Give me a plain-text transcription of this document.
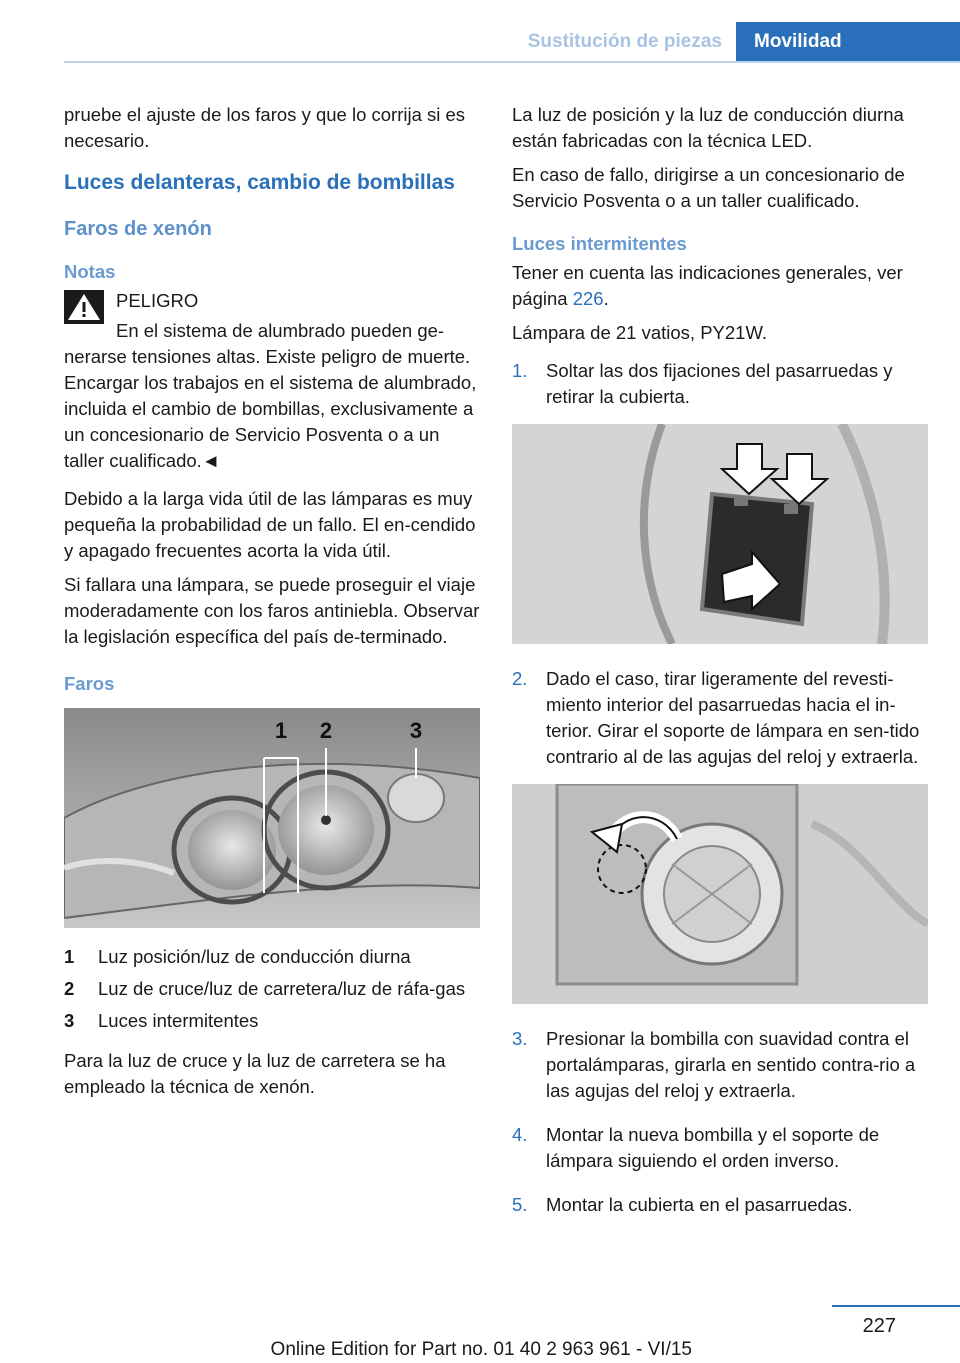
Sustitución de piezas	Movilidad

pruebe el ajuste de los faros y que lo corrija si es necesario.

Luces delanteras, cambio de bombillas
Faros de xenón
Notas

PELIGRO

En el sistema de alumbrado pueden ge-

nerarse tensiones altas. Existe peligro de muerte. Encargar los trabajos en el sistema de alumbrado, incluida el cambio de bombillas, exclusivamente a un concesionario de Servicio Posventa o a un taller cualificado.◄

Debido a la larga vida útil de las lámparas es muy pequeña la probabilidad de un fallo. El en-cendido y apagado frecuentes acorta la vida útil.

Si fallara una lámpara, se puede proseguir el viaje moderadamente con los faros antiniebla. Observar la legislación específica del país de-terminado.

Faros
1 2	3
1	Luz posición/luz de conducción diurna
2	Luz de cruce/luz de carretera/luz de ráfa-gas
3	Luces intermitentes

Para la luz de cruce y la luz de carretera se ha empleado la técnica de xenón.

La luz de posición y la luz de conducción diurna están fabricadas con la técnica LED.

En caso de fallo, dirigirse a un concesionario de Servicio Posventa o a un taller cualificado.

Luces intermitentes

Tener en cuenta las indicaciones generales, ver página 226.

Lámpara de 21 vatios, PY21W.

1.	Soltar las dos fijaciones del pasarruedas y retirar la cubierta.
2.	Dado el caso, tirar ligeramente del revesti-miento interior del pasarruedas hacia el in-terior. Girar el soporte de lámpara en sen-tido contrario al de las agujas del reloj y extraerla.
3.	Presionar la bombilla con suavidad contra el portalámparas, girarla en sentido contra-rio a las agujas del reloj y extraerla.
4.	Montar la nueva bombilla y el soporte de lámpara siguiendo el orden inverso.
5.	Montar la cubierta en el pasarruedas.
227
Online Edition for Part no. 01 40 2 963 961 - VI/15
